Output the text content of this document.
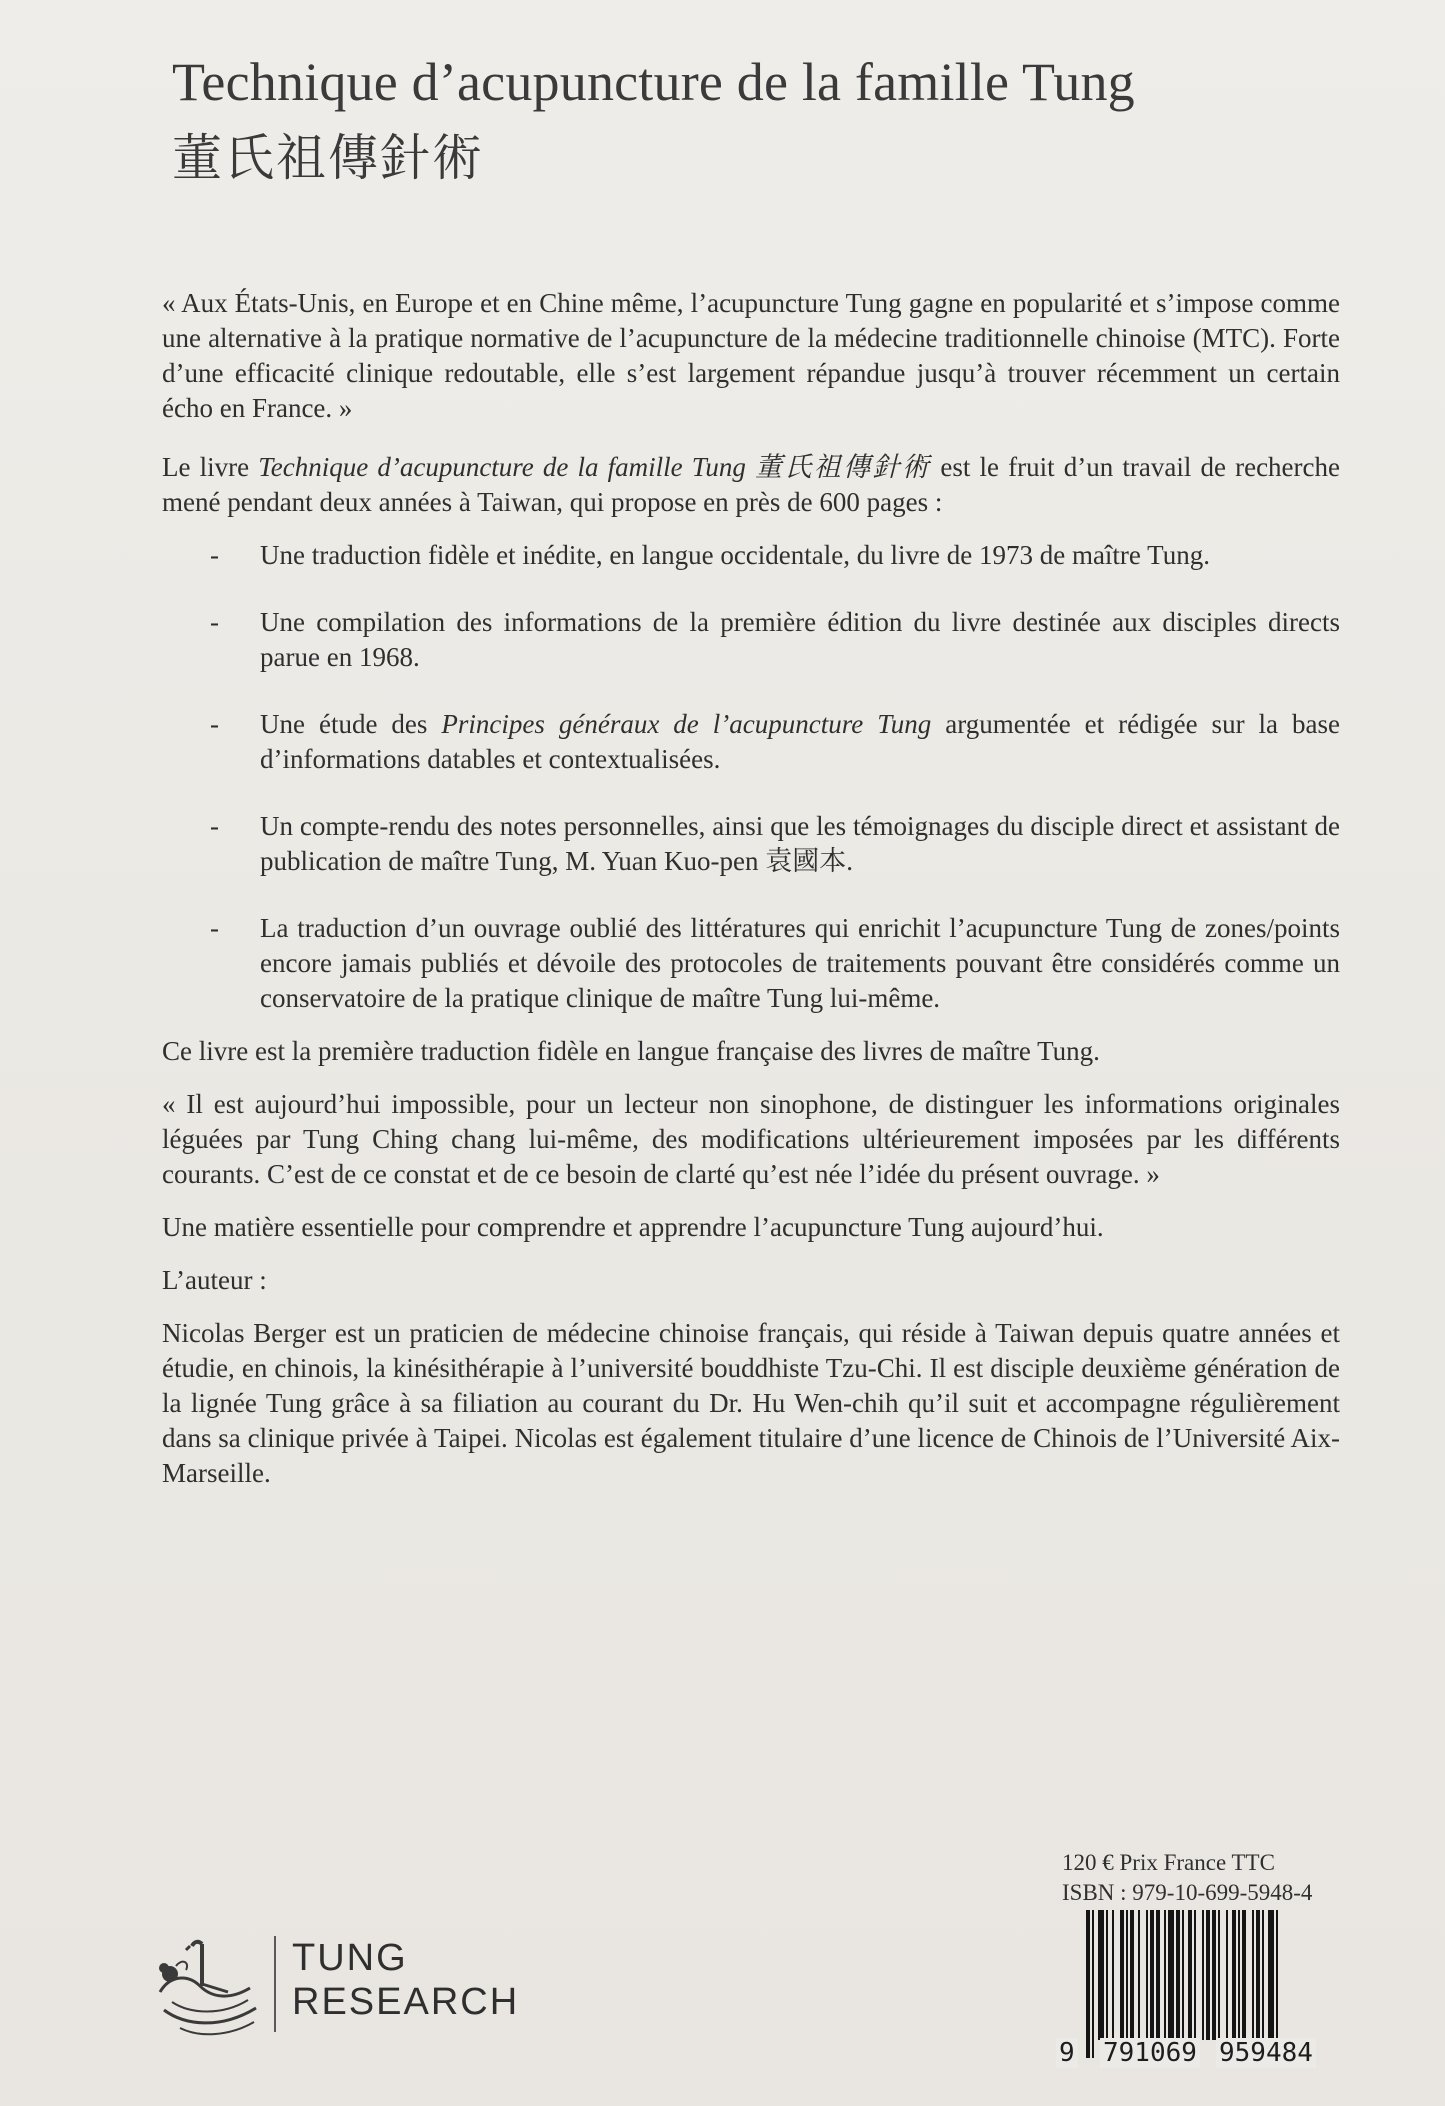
Technique d’acupuncture de la famille Tung
董氏祖傳針術

« Aux États-Unis, en Europe et en Chine même, l’acupuncture Tung gagne en popularité et s’impose comme une alternative à la pratique normative de l’acupuncture de la médecine traditionnelle chinoise (MTC). Forte d’une efficacité clinique redoutable, elle s’est largement répandue jusqu’à trouver récemment un certain écho en France. »

Le livre Technique d’acupuncture de la famille Tung 董氏祖傳針術 est le fruit d’un travail de recherche mené pendant deux années à Taiwan, qui propose en près de 600 pages :

- Une traduction fidèle et inédite, en langue occidentale, du livre de 1973 de maître Tung.
- Une compilation des informations de la première édition du livre destinée aux disciples directs parue en 1968.
- Une étude des Principes généraux de l’acupuncture Tung argumentée et rédigée sur la base d’informations datables et contextualisées.
- Un compte-rendu des notes personnelles, ainsi que les témoignages du disciple direct et assistant de publication de maître Tung, M. Yuan Kuo-pen 袁國本.
- La traduction d’un ouvrage oublié des littératures qui enrichit l’acupuncture Tung de zones/points encore jamais publiés et dévoile des protocoles de traitements pouvant être considérés comme un conservatoire de la pratique clinique de maître Tung lui-même.

Ce livre est la première traduction fidèle en langue française des livres de maître Tung.

« Il est aujourd’hui impossible, pour un lecteur non sinophone, de distinguer les informations originales léguées par Tung Ching chang lui-même, des modifications ultérieurement imposées par les différents courants. C’est de ce constat et de ce besoin de clarté qu’est née l’idée du présent ouvrage. »

Une matière essentielle pour comprendre et apprendre l’acupuncture Tung aujourd’hui.

L’auteur :

Nicolas Berger est un praticien de médecine chinoise français, qui réside à Taiwan depuis quatre années et étudie, en chinois, la kinésithérapie à l’université bouddhiste Tzu-Chi. Il est disciple deuxième génération de la lignée Tung grâce à sa filiation au courant du Dr. Hu Wen-chih qu’il suit et accompagne régulièrement dans sa clinique privée à Taipei. Nicolas est également titulaire d’une licence de Chinois de l’Université Aix-Marseille.

TUNG
RESEARCH
120 € Prix France TTC
ISBN : 979-10-699-5948-4
9 791069 959484
